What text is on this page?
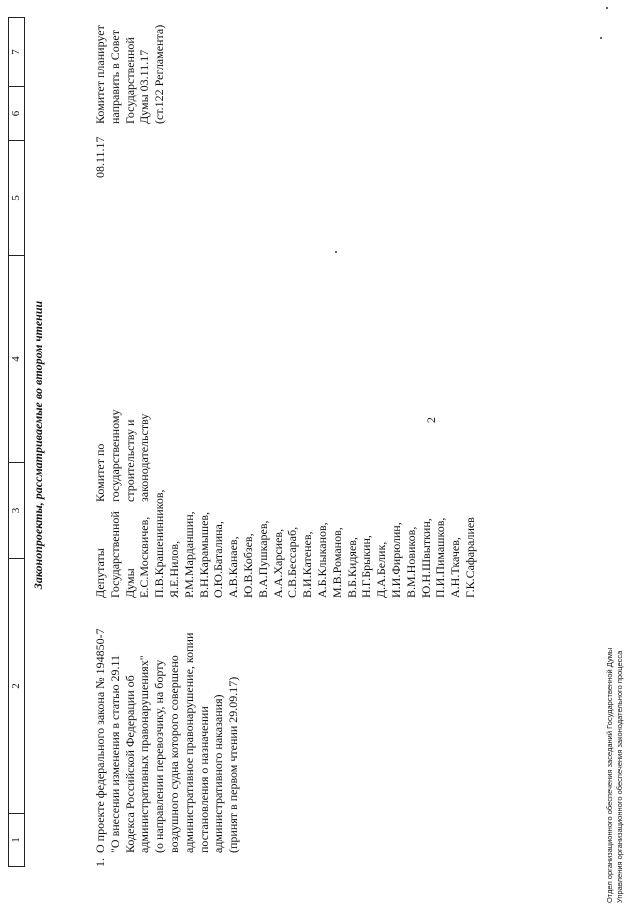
2
1
2
3
4
5
6
7
Законопроекты, рассматриваемые во втором чтении
1.
О проекте федерального закона № 194850-7
"О внесении изменения в статью 29.11
Кодекса Российской Федерации об
административных правонарушениях"
(о направлении перевозчику, на борту
воздушного судна которого совершено
административное правонарушение, копии
постановления о назначении
административного наказания)
(принят в первом чтении 29.09.17)
Депутаты
Государственной
Думы
Е.С.Москвичев,
П.В.Крашенинников,
Я.Е.Нилов,
Р.М.Марданшин,
В.Н.Карамышев,
О.Ю.Баталина,
А.В.Канаев,
Ю.В.Кобзев,
В.А.Пушкарев,
А.А.Харсиев,
С.В.Бессараб,
В.И.Катенев,
А.Б.Клыканов,
М.В.Романов,
В.Б.Кидяев,
Н.Г.Брыкин,
Д.А.Белик,
И.И.Фирюлин,
В.М.Новиков,
Ю.Н.Швыткин,
П.И.Пимашков,
А.Н.Ткачев,
Г.К.Сафаралиев
Комитет по
государственному
строительству и
законодательству
08.11.17
Комитет планирует
направить в Совет
Государственной
Думы 03.11.17
(ст.122 Регламента)
Отдел организационного обеспечения заседаний Государственной Думы
Управления организационного обеспечения законодательного процесса
